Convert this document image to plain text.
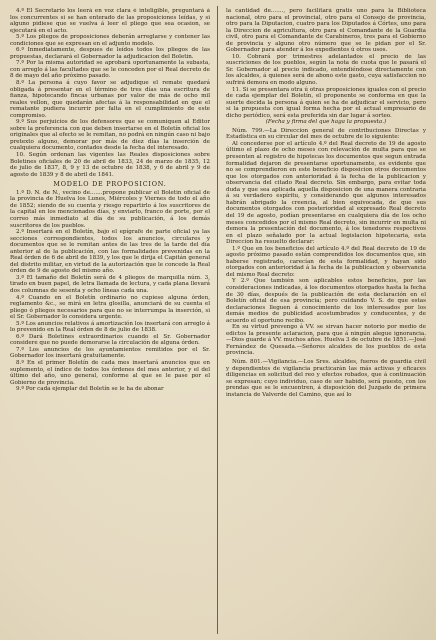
4.º El Secretario los leerá en voz clara é inteligible, preguntará á los concurrentes si se han enterado de las proposiciones leídas, y si alguno pidiese que se vuelva á leer el pliego que sea ocasion, se ejecutará en el acto.

5.º Los pliegos de proposiciones deberán arreglarse y contener las condiciones que se expresan en el adjunto modelo.

6.º Inmediatamente, despues de leídos todos los pliegos de las propuestas, declarará el Gobernador la adjudicacion del Boletin.

7.º Por la misma autoridad se aprobará oportunamente la subasta, con arreglo á las facultades que se le conceden por el Real decreto de 8 de mayo del año próximo pasado.

8.º La persona á cuyo favor se adjudique el remate quedará obligada á presentar en el término de tres días una escritura de fianza, hipotecando fincas urbanas por valor de más de ocho mil reales vellon, que quedarán afectas á la responsabilidad en que el rematante pudiera incurrir por falta en el cumplimiento de este compromiso.

9.º Sus perjuicios de los defensores que se comuniquen al Editor sobre la preferencia con que deben insertarse en el Boletín oficial los originales que al efecto se le remitan, no podrá en ningún caso ni bajo pretexto alguno, demorar por más de diez días la inserción de cualquiera documento, contados desde la fecha del interesado.

10. Según ordenan las vigentes las Reales disposiciones sobre Boletines oficiales de 20 de abril de 1833, 24 de marzo de 1835, 12 de julio de 1837, 8, 9 y 13 de octubre de 1838, y 6 de abril y 9 de agosto de 1839 y 8 de abril de 1841.

MODELO DE PROPOSICION.

1.º D. N. de N., vecino de.......propone publicar el Boletin oficial de la provincia de Huelva los Lunes, Miércoles y Viernes de todo el año de 1852; siendo de su cuenta y riesgo repartirlo á los suscritores de la capital en los mencionados días, y enviarlo, franco de porte, por el correo más inmediato al día de su publicación, á los demás suscritores de los pueblos.

2.º Insertará en el Boletín, bajo el epígrafe de parte oficial ya las secciones correspondientes, todos los anuncios, circulares y documentos que se le remitan antes de las tres de la tarde del día anterior al de la publicación, con las formalidades prevenidas en la Real órden de 6 de abril de 1839, y los que le dirija el Capitán general del distrito militar, en virtud de la autorización que le concede la Real órden de 9 de agosto del mismo año.

3.º El tamaño del Boletín será de 4 pliegos de marquilla núm. 3, tirado en buen papel, de letra llamada de lectura, y cada plana llevará dos columnas de sesenta y ocho líneas cada una.

4.º Cuando en el Boletín ordinario no cupiese alguna órden, reglamento &c., se mirá en letra glosilla, anunciará de su cuenta el pliego ó pliegos necesarios para que no se interrumpa la inserción, si el Sr. Gobernador lo considera urgente.

5.º Los anuncios relativos á amortización los insertará con arreglo á lo prevenido en la Real órden de 8 de julio de 1838.

6.º Dará Boletines extraordinarios cuando el Sr. Gobernador considere que no puede demorarse la circulación de alguna órden.

7.º Los anuncios de los ayuntamientos remitidos por el Sr. Gobernador los insertará gratuitamente.

8.º En el primer Boletín de cada mes insertará anuncios que en suplemento, el índice de todos los órdenes del mes anterior, y el del último del año, uno general, conforme al que se le pase por el Gobierno de provincia.

9.º Por cada ejemplar del Boletín se le ha de abonar

la cantidad de......., pero facilitará gratis uno para la Biblioteca nacional, otro para el provincial, otro para el Consejo de provincia, otro para la Diputacion, cuatro para los Diputados á Córtes, uno para la Direccion de agricultura, otro para el Comandante de la Guardia civil, otro para el Comandante de Carabineros, tres para el Gobierno de provincia y alguno otro número que se le pidan por el Sr. Gobernador para atender á los expedientes ú otros usos.

10. Cobrará por trimestres adelantados el precio de las suscriciones de los pueblos, según la nota de cuota que le pasará el Sr. Gobernador al precio indicado, entendiéndose directamente con los alcaldes, á quienes será de abono este gasto, cuya satisfaccion no sufrirá demora en modo alguno.

11. Si se presentara otra ú otras proposiciones iguales con el precio de cada ejemplar del Boletín, el proponente se conforma en que la suerte decida la persona á quien se ha de adjudicar el servicio, pero si la propuesta con igual forma hecha por el actual empresario de dicho periódico, será esta preferida sin dar lugar á sorteo.

(Fecha y firma del que haga la propuesta.)

Núm. 799.—La Direccion general de contribuciones Directas y Estadística en su circular del mes de octubre de lo siguiente:

Al concederse por el artículo 4.º del Real decreto de 19 de agosto último el plazo de ocho meses con relevación de multa para que se presenten al registro de hipotecas los documentos que segun entrada formalidad dejaron de presentarse oportunamente, es evidente que no se comprendieron en este beneficio disposicion otros documentos que los otorgados con anterioridad á la fecha de la publicacion y observancia del citado Real decreto. Sin embargo, para evitar toda duda y que sea aplicada aquella disposicion de una manera contraria á su verdadero espíritu, y considerando que algunos interesados habrán abrigado la creencia, al bien equivocada, de que sus documentos otorgados con posterioridad al expresado Real decreto del 19 de agosto, podían presentarse en cualquiera día de los ocho meses concedidos por el mismo Real decreto, sin incurrir en multa ni demora la presentación del documento, á los tenedores respectivos en el plazo señalado por la actual legislacion hipotecaria, esta Direccion ha resuelto declarar:

1.º Que en los beneficios del artículo 4.º del Real decreto de 19 de agosto próximo pasado están comprendidos los documentos que, sin haberse registrado, carecían de esta formalidad, y hayan sido otorgados con anterioridad á la fecha de la publicacion y observancia del mismo Real decreto:

Y 2.º Que también son aplicables estos beneficios, por las consideraciones indicadas, á los documentos otorgados hasta la fecha de 30 días, después de la publicación de esta declaración en el Boletín oficial de esa provincia; pero cuidando V. S. de que estas declaraciones lleguen á conocimiento de los interesados por los demás medios de publicidad acostumbrados y conducentes, y de acuerdo el oportuno recibo.

En su virtud prevengo á VV. se sirvan hacer notorio por medio de edictos la presente aclaracion, para que á ningún alegue ignorancia.—Dios guarde á VV. muchos años. Huelva 3 de octubre de 1851.—José Fernández de Quesada.—Señores alcaldes de los pueblos de esta provincia.

Núm. 801.—Vigilancia.—Los Sres. alcaldes, fueros de guardia civil y dependientes de vigilancia practicarán las más activas y eficaces diligencias en solicitud del reo y efectos robados, que á continuación se expresan; cuyo individuo, caso de ser habido, será puesto, con los prendas que se le encuentren, á disposición del Juzgado de primera instancia de Valverde del Camino, que así lo
